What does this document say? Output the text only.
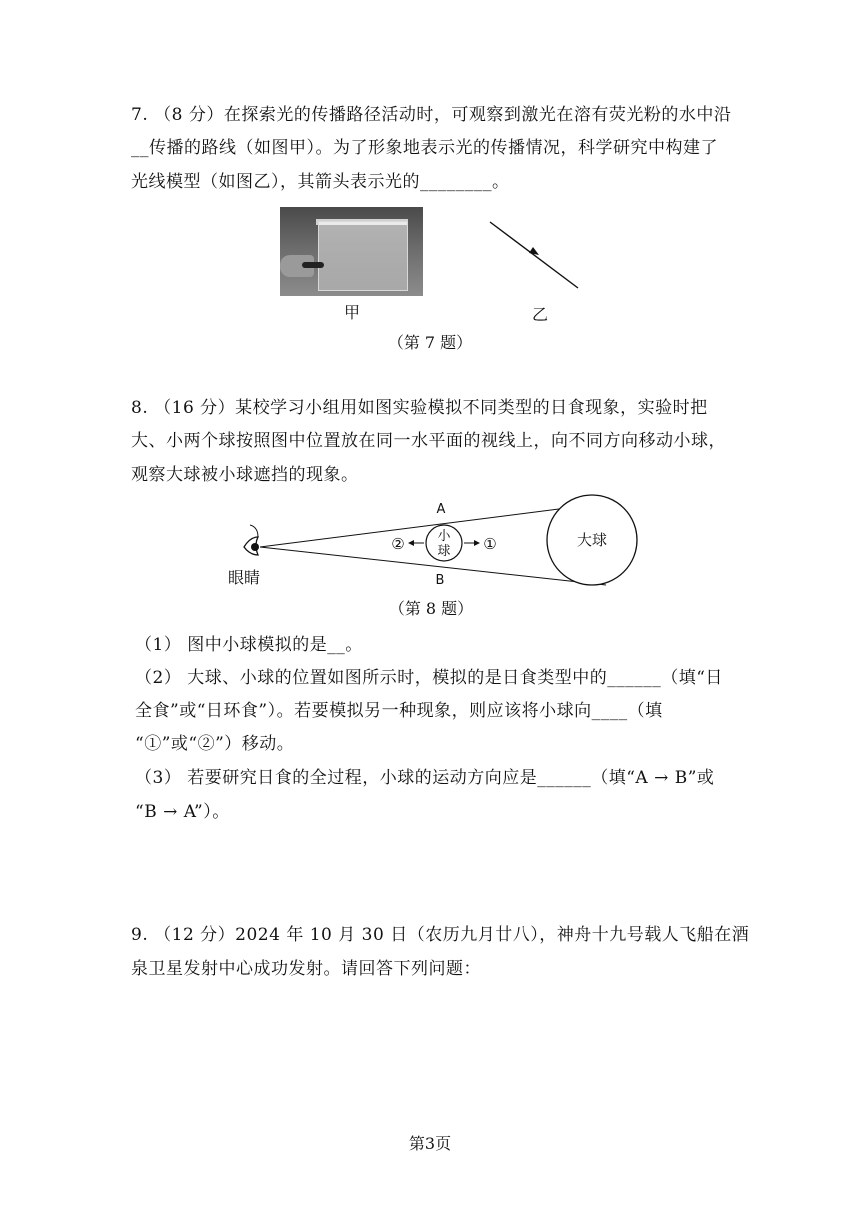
7. （8 分）在探索光的传播路径活动时，可观察到激光在溶有荧光粉的水中沿
__传播的路线（如图甲）。为了形象地表示光的传播情况，科学研究中构建了
光线模型（如图乙），其箭头表示光的________。
甲	乙
（第 7 题）
8. （16 分）某校学习小组用如图实验模拟不同类型的日食现象，实验时把
大、小两个球按照图中位置放在同一水平面的视线上，向不同方向移动小球，
观察大球被小球遮挡的现象。
大球
小
球
②	①
A
B
眼睛
（第 8 题）
（1） 图中小球模拟的是__。
（2） 大球、小球的位置如图所示时，模拟的是日食类型中的______（填“日
全食”或“日环食”）。若要模拟另一种现象，则应该将小球向____（填
“①”或“②”）移动。
（3） 若要研究日食的全过程，小球的运动方向应是______（填“A → B”或
“B → A”）。
9. （12 分）2024 年 10 月 30 日（农历九月廿八），神舟十九号载人飞船在酒
泉卫星发射中心成功发射。请回答下列问题：
第3页
